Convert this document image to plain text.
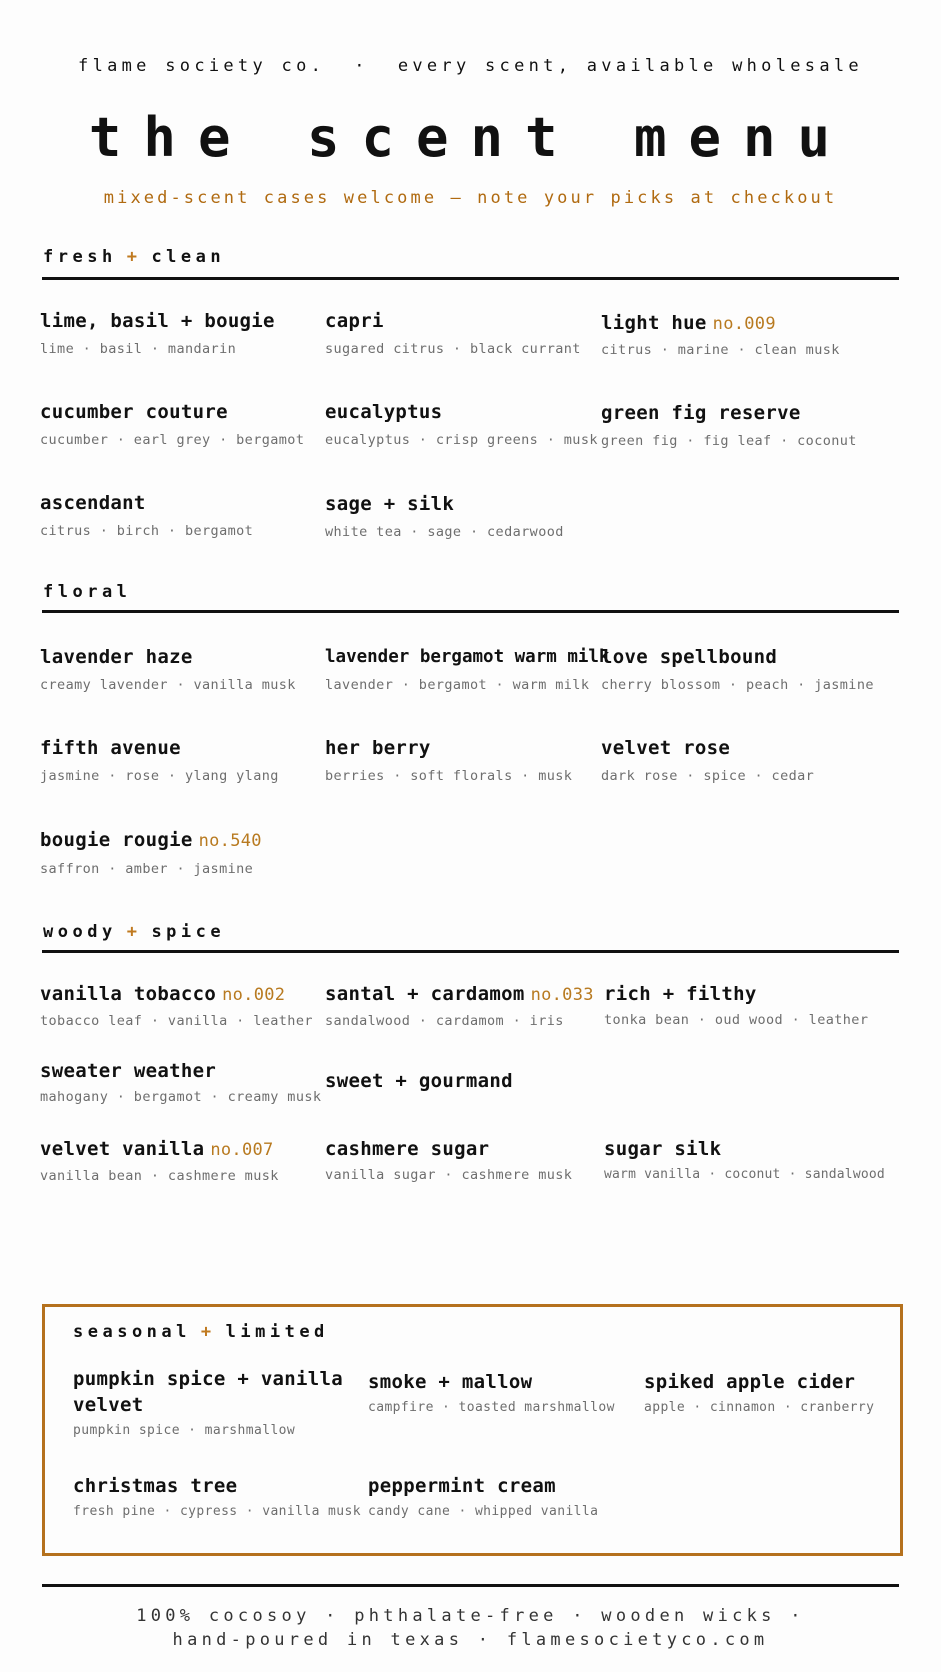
flame society co.  ·  every scent, available wholesale
the scent menu
mixed-scent cases welcome — note your picks at checkout
fresh + clean
lime, basil + bougie
lime · basil · mandarin
capri
sugared citrus · black currant
light hue no.009
citrus · marine · clean musk
cucumber couture
cucumber · earl grey · bergamot
eucalyptus
eucalyptus · crisp greens · musk
green fig reserve
green fig · fig leaf · coconut
ascendant
citrus · birch · bergamot
sage + silk
white tea · sage · cedarwood
floral
lavender haze
creamy lavender · vanilla musk
lavender bergamot warm milk
lavender · bergamot · warm milk
love spellbound
cherry blossom · peach · jasmine
fifth avenue
jasmine · rose · ylang ylang
her berry
berries · soft florals · musk
velvet rose
dark rose · spice · cedar
bougie rougie no.540
saffron · amber · jasmine
woody + spice
vanilla tobacco no.002
tobacco leaf · vanilla · leather
santal + cardamom no.033
sandalwood · cardamom · iris
rich + filthy
tonka bean · oud wood · leather
sweater weather
mahogany · bergamot · creamy musk
sweet + gourmand
velvet vanilla no.007
vanilla bean · cashmere musk
cashmere sugar
vanilla sugar · cashmere musk
sugar silk
warm vanilla · coconut · sandalwood
seasonal + limited
pumpkin spice + vanilla velvet
pumpkin spice · marshmallow
smoke + mallow
campfire · toasted marshmallow
spiked apple cider
apple · cinnamon · cranberry
christmas tree
fresh pine · cypress · vanilla musk
peppermint cream
candy cane · whipped vanilla
100% cocosoy · phthalate-free · wooden wicks ·
hand-poured in texas · flamesocietyco.com
